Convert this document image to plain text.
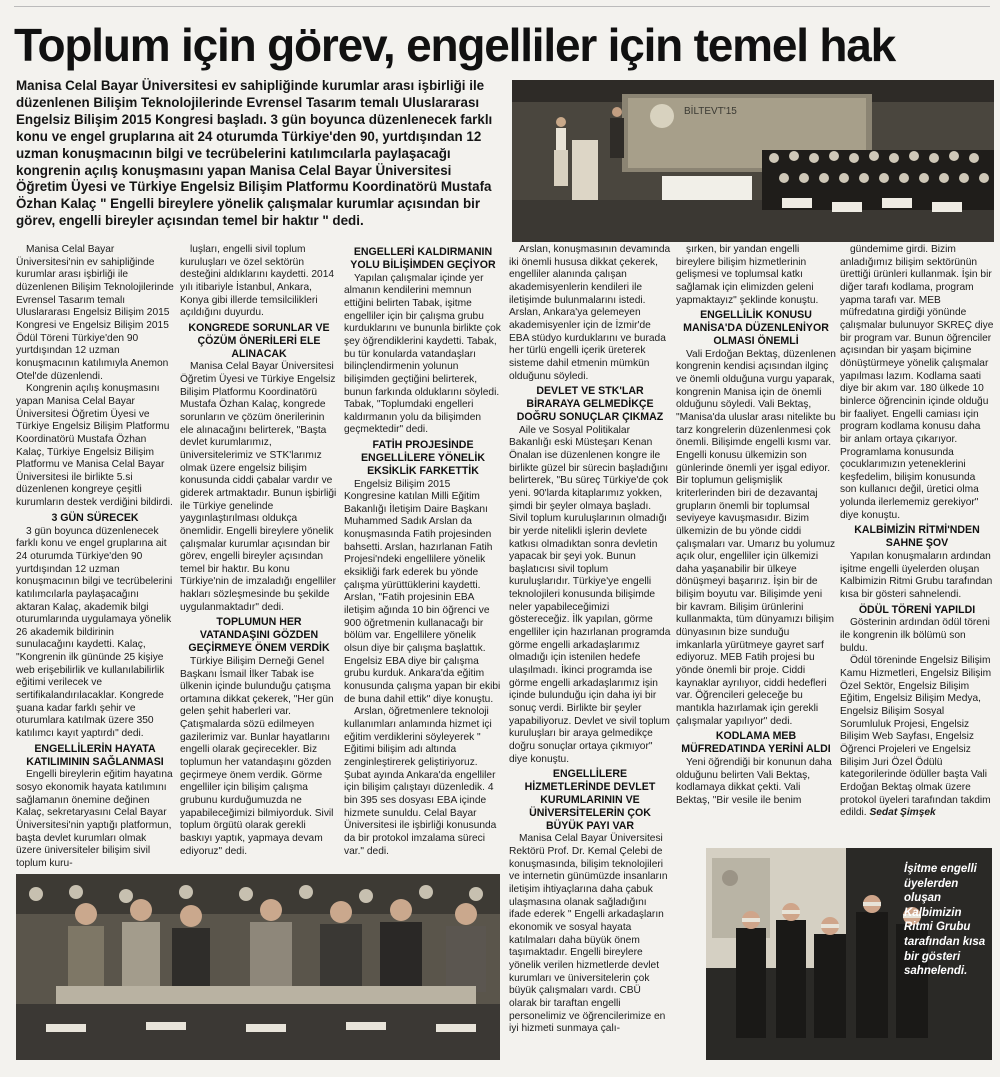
Toplum için görev, engelliler için temel hak
Manisa Celal Bayar Üniversitesi ev sahipliğinde kurumlar arası işbirliği ile düzenlenen Bilişim Teknolojilerinde Evrensel Tasarım temalı Uluslararası Engelsiz Bilişim 2015 Kongresi başladı. 3 gün boyunca düzenlenecek farklı konu ve engel gruplarına ait 24 oturumda Türkiye'den 90, yurtdışından 12 uzman konuşmacının bilgi ve tecrübelerini katılımcılarla paylaşacağı kongrenin açılış konuşmasını yapan Manisa Celal Bayar Üniversitesi Öğretim Üyesi ve Türkiye Engelsiz Bilişim Platformu Koordinatörü Mustafa Özhan Kalaç " Engelli bireylere yönelik çalışmalar kurumlar açısından bir görev, engelli bireyler açısından temel bir haktır " dedi.
BİLTEVT'15

Manisa Celal Bayar Üniversitesi'nin ev sahipliğinde kurumlar arası işbirliği ile düzenlenen Bilişim Teknolojilerinde Evrensel Tasarım temalı Uluslararası Engelsiz Bilişim 2015 Kongresi ve Engelsiz Bilişim 2015 Ödül Töreni Türkiye'den 90 yurtdışından 12 uzman konuşmacının katılımıyla Anemon Otel'de düzenlendi.

Kongrenin açılış konuşmasını yapan Manisa Celal Bayar Üniversitesi Öğretim Üyesi ve Türkiye Engelsiz Bilişim Platformu Koordinatörü Mustafa Özhan Kalaç, Türkiye Engelsiz Bilişim Platformu ve Manisa Celal Bayar Üniversitesi ile birlikte 5.si düzenlenen kongreye çeşitli kurumların destek verdiğini bildirdi.

3 GÜN SÜRECEK

3 gün boyunca düzenlenecek farklı konu ve engel gruplarına ait 24 oturumda Türkiye'den 90 yurtdışından 12 uzman konuşmacının bilgi ve tecrübelerini katılımcılarla paylaşacağını aktaran Kalaç, akademik bilgi oturumlarında uygulamaya yönelik 26 akademik bildirinin sunulacağını kaydetti. Kalaç, "Kongrenin ilk gününde 25 kişiye web erişebilirlik ve kullanılabilirlik eğitimi verilecek ve sertifikalandırılacaklar. Kongrede şuana kadar farklı şehir ve oturumlara katılmak üzere 350 katılımcı kayıt yaptırdı" dedi.

ENGELLİLERİN HAYATA KATILIMININ SAĞLANMASI

Engelli bireylerin eğitim hayatına sosyo ekonomik hayata katılımını sağlamanın önemine değinen Kalaç, sekretaryasını Celal Bayar Üniversitesi'nin yaptığı platformun, başta devlet kurumları olmak üzere üniversiteler bilişim sivil toplum kuru-

luşları, engelli sivil toplum kuruluşları ve özel sektörün desteğini aldıklarını kaydetti. 2014 yılı itibariyle İstanbul, Ankara, Konya gibi illerde temsilcilikleri açıldığını duyurdu.

KONGREDE SORUNLAR VE ÇÖZÜM ÖNERİLERİ ELE ALINACAK

Manisa Celal Bayar Üniversitesi Öğretim Üyesi ve Türkiye Engelsiz Bilişim Platformu Koordinatörü Mustafa Özhan Kalaç, kongrede sorunların ve çözüm önerilerinin ele alınacağını belirterek, "Başta devlet kurumlarımız, üniversitelerimiz ve STK'larımız olmak üzere engelsiz bilişim konusunda ciddi çabalar vardır ve giderek artmaktadır. Bunun işbirliği ile Türkiye genelinde yaygınlaştırılması oldukça önemlidir. Engelli bireylere yönelik çalışmalar kurumlar açısından bir görev, engelli bireyler açısından temel bir haktır. Bu konu Türkiye'nin de imzaladığı engelliler hakları sözleşmesinde bu şekilde uygulanmaktadır" dedi.

TOPLUMUN HER VATANDAŞINI GÖZDEN GEÇİRMEYE ÖNEM VERDİK

Türkiye Bilişim Derneği Genel Başkanı İsmail İlker Tabak ise ülkenin içinde bulunduğu çatışma ortamına dikkat çekerek, "Her gün gelen şehit haberleri var. Çatışmalarda sözü edilmeyen gazilerimiz var. Bunlar hayatlarını engelli olarak geçirecekler. Biz toplumun her vatandaşını gözden geçirmeye önem verdik. Görme engelliler için bilişim çalışma grubunu kurduğumuzda ne yapabileceğimizi bilmiyorduk. Sivil toplum örgütü olarak gerekli baskıyı yaptık, yapmaya devam ediyoruz" dedi.

ENGELLERİ KALDIRMANIN YOLU BİLİŞİMDEN GEÇİYOR

Yapılan çalışmalar içinde yer almanın kendilerini memnun ettiğini belirten Tabak, işitme engelliler için bir çalışma grubu kurduklarını ve bununla birlikte çok şey öğrendiklerini kaydetti. Tabak, bu tür konularda vatandaşları bilinçlendirmenin yolunun bilişimden geçtiğini belirterek, bunun farkında olduklarını söyledi. Tabak, "Toplumdaki engelleri kaldırmanın yolu da bilişimden geçmektedir" dedi.

FATİH PROJESİNDE ENGELLİLERE YÖNELİK EKSİKLİK FARKETTİK

Engelsiz Bilişim 2015 Kongresine katılan Milli Eğitim Bakanlığı İletişim Daire Başkanı Muhammed Sadık Arslan da konuşmasında Fatih projesinden bahsetti. Arslan, hazırlanan Fatih Projesi'ndeki engellilere yönelik eksikliği fark ederek bu yönde çalışma yürüttüklerini kaydetti. Arslan, "Fatih projesinin EBA iletişim ağında 10 bin öğrenci ve 900 öğretmenin kullanacağı bir bölüm var. Engellilere yönelik olsun diye bir çalışma başlattık. Engelsiz EBA diye bir çalışma grubu kurduk. Ankara'da eğitim konusunda çalışma yapan bir ekibi de buna dahil ettik" diye konuştu.

Arslan, öğretmenlere teknoloji kullanımları anlamında hizmet içi eğitim verdiklerini söyleyerek " Eğitimi bilişim adı altında zenginleştirerek geliştiriyoruz. Şubat ayında Ankara'da engelliler için bilişim çalıştayı düzenledik. 4 bin 395 ses dosyası EBA içinde hizmete sunuldu. Celal Bayar Üniversitesi ile işbirliği konusunda da bir protokol imzalama süreci var." dedi.

Arslan, konuşmasının devamında iki önemli hususa dikkat çekerek, engelliler alanında çalışan akademisyenlerin kendileri ile iletişimde bulunmalarını istedi. Arslan, Ankara'ya gelemeyen akademisyenler için de İzmir'de EBA stüdyo kurduklarını ve burada her türlü engelli içerik üreterek sisteme dahil etmenin mümkün olduğunu söyledi.

DEVLET VE STK'LAR BİRARAYA GELMEDİKÇE DOĞRU SONUÇLAR ÇIKMAZ

Aile ve Sosyal Politikalar Bakanlığı eski Müsteşarı Kenan Önalan ise düzenlenen kongre ile birlikte güzel bir sürecin başladığını belirterek, "Bu süreç Türkiye'de çok yeni. 90'larda kitaplarımız yokken, şimdi bir şeyler olmaya başladı. Sivil toplum kuruluşlarının olmadığı bir yerde nitelikli işlerin devlete katkısı olmadıktan sonra devletin yapacak bir şeyi yok. Bunun başlatıcısı sivil toplum kuruluşlarıdır. Türkiye'ye engelli teknolojileri konusunda bilişimde neler yapabileceğimizi göstereceğiz. İlk yapılan, görme engelliler için hazırlanan programda görme engelli arkadaşlarımız olmadığı için istenilen hedefe ulaşılmadı. İkinci programda ise görme engelli arkadaşlarımız işin içinde bulunduğu için daha iyi bir sonuç verdi. Birlikte bir şeyler yapabiliyoruz. Devlet ve sivil toplum kuruluşları bir araya gelmedikçe doğru sonuçlar ortaya çıkmıyor" diye konuştu.

ENGELLİLERE HİZMETLERİNDE DEVLET KURUMLARININ VE ÜNİVERSİTELERİN ÇOK BÜYÜK PAYI VAR

Manisa Celal Bayar Üniversitesi Rektörü Prof. Dr. Kemal Çelebi de konuşmasında, bilişim teknolojileri ve internetin günümüzde insanların iletişim ihtiyaçlarına daha çabuk ulaşmasına olanak sağladığını ifade ederek " Engelli arkadaşların ekonomik ve sosyal hayata katılmaları daha büyük önem taşımaktadır. Engelli bireylere yönelik verilen hizmetlerde devlet kurumları ve üniversitelerin çok büyük çalışmaları vardı. CBÜ olarak bir taraftan engelli personelimiz ve öğrencilerimize en iyi hizmeti sunmaya çalı-

şırken, bir yandan engelli bireylere bilişim hizmetlerinin gelişmesi ve toplumsal katkı sağlamak için elimizden geleni yapmaktayız" şeklinde konuştu.

ENGELLİLİK KONUSU MANİSA'DA DÜZENLENİYOR OLMASI ÖNEMLİ

Vali Erdoğan Bektaş, düzenlenen kongrenin kendisi açısından ilginç ve önemli olduğuna vurgu yaparak, kongrenin Manisa için de önemli olduğunu söyledi. Vali Bektaş, "Manisa'da uluslar arası nitelikte bu tarz kongrelerin düzenlenmesi çok önemli. Bilişimde engelli kısmı var. Engelli konusu ülkemizin son günlerinde önemli yer işgal ediyor. Bir toplumun gelişmişlik kriterlerinden biri de dezavantaj grupların önemli bir toplumsal seviyeye kavuşmasıdır. Bizim ülkemizin de bu yönde ciddi çalışmaları var. Umarız bu yolumuz açık olur, engelliler için ülkemizi daha yaşanabilir bir ülkeye dönüşmeyi başarırız. İşin bir de bilişim boyutu var. Bilişimde yeni bir kavram. Bilişim ürünlerini kullanmakta, tüm dünyamızı bilişim dünyasının bize sunduğu imkanlarla yürütmeye gayret sarf ediyoruz. MEB Fatih projesi bu yönde önemli bir proje. Ciddi kaynaklar ayrılıyor, ciddi hedefleri var. Öğrencileri geleceğe bu mantıkla hazırlamak için gerekli çalışmalar yapılıyor" dedi.

KODLAMA MEB MÜFREDATINDA YERİNİ ALDI

Yeni öğrendiği bir konunun daha olduğunu belirten Vali Bektaş, kodlamaya dikkat çekti. Vali Bektaş, "Bir vesile ile benim

gündemime girdi. Bizim anladığımız bilişim sektörünün ürettiği ürünleri kullanmak. İşin bir diğer tarafı kodlama, program yapma tarafı var. MEB müfredatına girdiği yönünde çalışmalar bulunuyor SKREÇ diye bir program var. Bunun öğrenciler açısından bir yaşam biçimine dönüştürmeye yönelik çalışmalar yapılması lazım. Kodlama saati diye bir akım var. 180 ülkede 10 binlerce öğrencinin içinde olduğu bir faaliyet. Engelli camiası için program kodlama konusu daha bir anlam ortaya çıkarıyor. Programlama konusunda çocuklarımızın yeteneklerini keşfedelim, bilişim konusunda son kullanıcı değil, üretici olma yolunda ilerlememiz gerekiyor" diye konuştu.

KALBİMİZİN RİTMİ'NDEN SAHNE ŞOV

Yapılan konuşmaların ardından işitme engelli üyelerden oluşan Kalbimizin Ritmi Grubu tarafından kısa bir gösteri sahnelendi.

ÖDÜL TÖRENİ YAPILDI

Gösterinin ardından ödül töreni ile kongrenin ilk bölümü son buldu.

Ödül töreninde Engelsiz Bilişim Kamu Hizmetleri, Engelsiz Bilişim Özel Sektör, Engelsiz Bilişim Eğitim, Engelsiz Bilişim Medya, Engelsiz Bilişim Sosyal Sorumluluk Projesi, Engelsiz Bilişim Web Sayfası, Engelsiz Öğrenci Projeleri ve Engelsiz Bilişim Juri Özel Ödülü kategorilerinde ödüller başta Vali Erdoğan Bektaş olmak üzere protokol üyeleri tarafından takdim edildi. Sedat Şimşek

İşitme engelli üyelerden oluşan Kalbimizin Ritmi Grubu tarafından kısa bir gösteri sahnelendi.
